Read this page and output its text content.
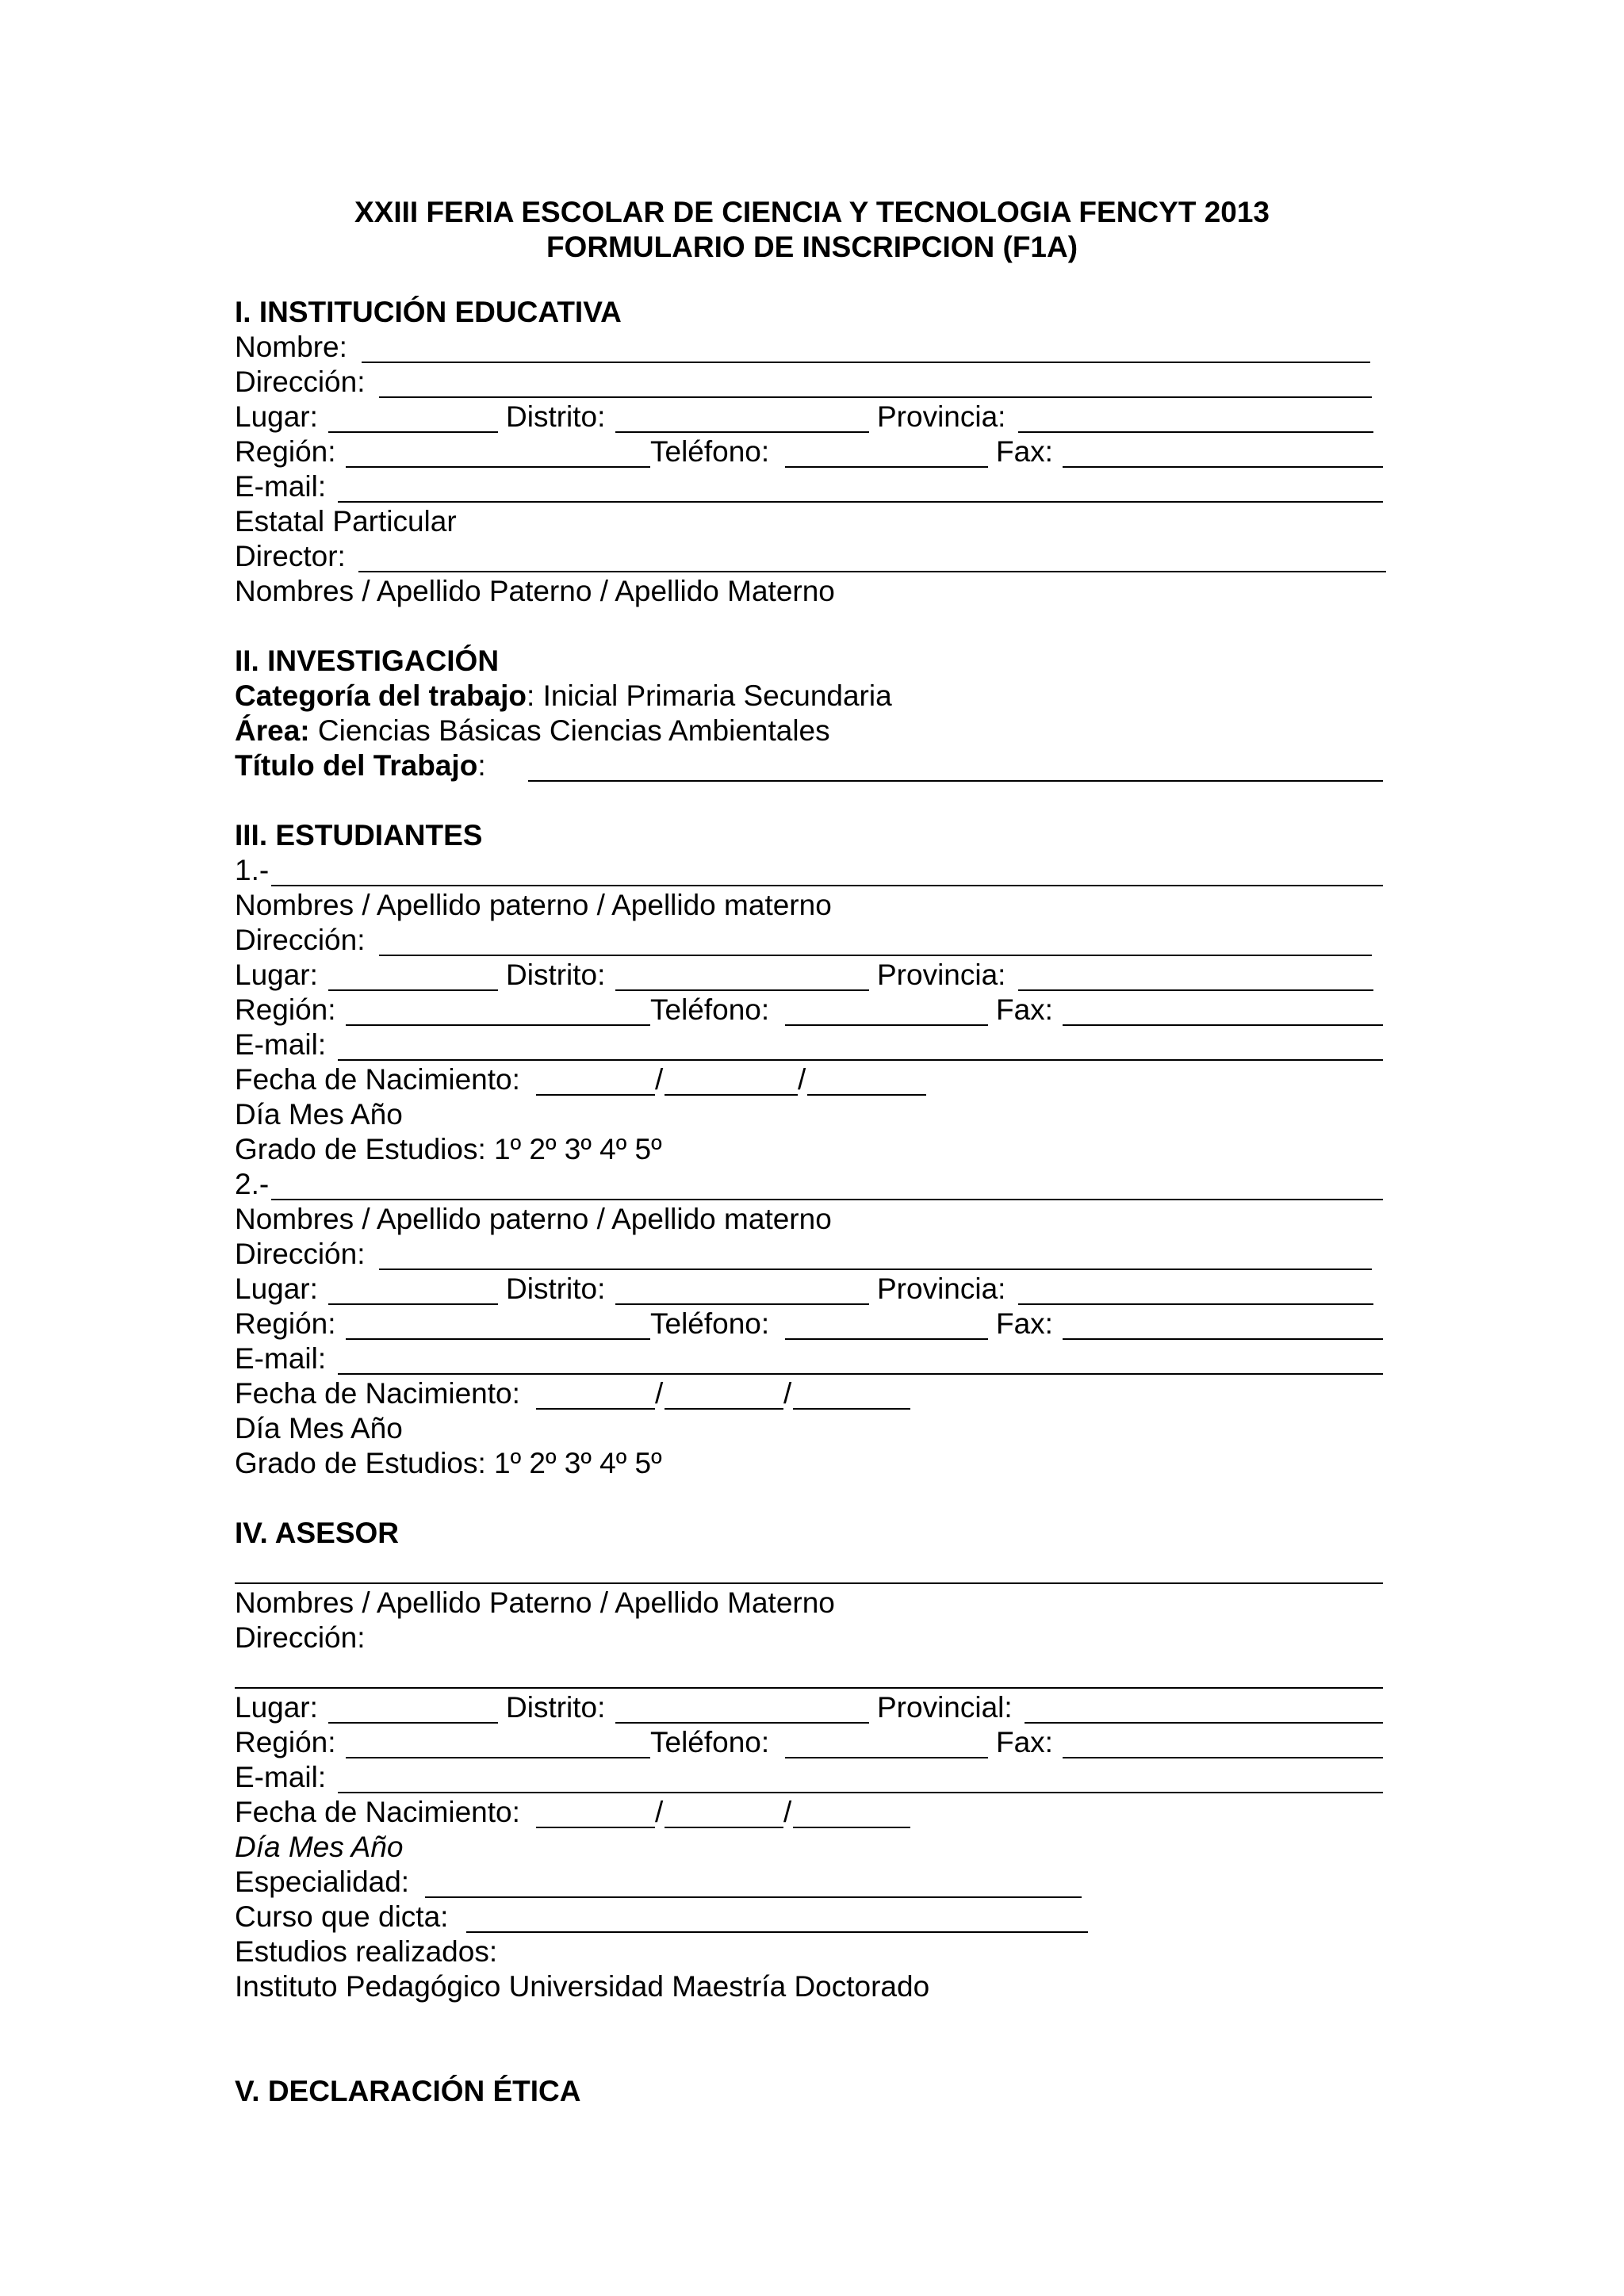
XXIII FERIA ESCOLAR DE CIENCIA Y TECNOLOGIA FENCYT 2013
FORMULARIO DE INSCRIPCION (F1A)
I. INSTITUCIÓN EDUCATIVA
Nombre:
Dirección:
Lugar:	Distrito:	Provincia:
Región:	Teléfono:	Fax:
E-mail:
Estatal Particular
Director:
Nombres / Apellido Paterno / Apellido Materno
II. INVESTIGACIÓN
Categoría del trabajo: Inicial Primaria Secundaria
Área: Ciencias Básicas Ciencias Ambientales
Título del Trabajo:
III. ESTUDIANTES
1.-
Nombres / Apellido paterno / Apellido materno
Dirección:
Lugar:	Distrito:	Provincia:
Región:	Teléfono:	Fax:
E-mail:
Fecha de Nacimiento:	/	/
Día Mes Año
Grado de Estudios: 1º 2º 3º 4º 5º
2.-
Nombres / Apellido paterno / Apellido materno
Dirección:
Lugar:	Distrito:	Provincia:
Región:	Teléfono:	Fax:
E-mail:
Fecha de Nacimiento:	/	/
Día Mes Año
Grado de Estudios: 1º 2º 3º 4º 5º
IV. ASESOR
Nombres / Apellido Paterno / Apellido Materno
Dirección:
Lugar:	Distrito:	Provincial:
Región:	Teléfono:	Fax:
E-mail:
Fecha de Nacimiento:	/	/
Día Mes Año
Especialidad:
Curso que dicta:
Estudios realizados:
Instituto Pedagógico Universidad Maestría Doctorado
V. DECLARACIÓN ÉTICA
